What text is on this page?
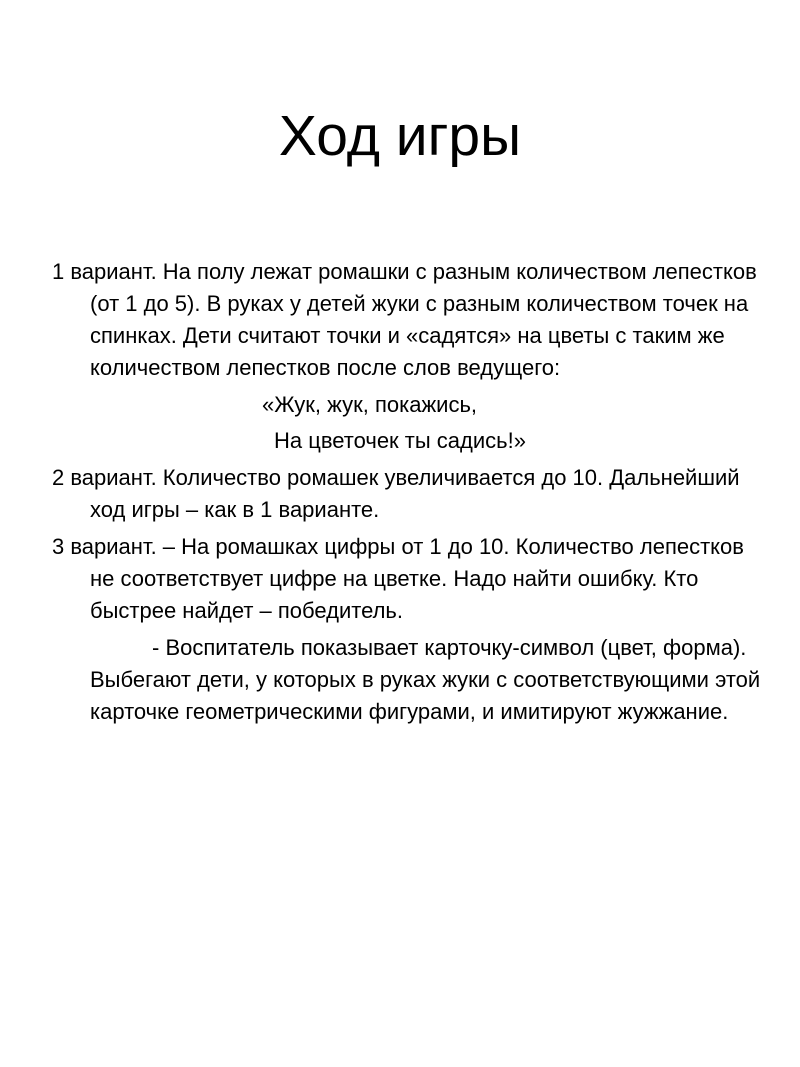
Ход игры

1 вариант. На полу лежат ромашки с разным количеством лепестков (от 1 до 5). В руках у детей жуки с разным количеством точек на спинках. Дети считают точки и «садятся» на цветы с таким же количеством лепестков после слов ведущего:

«Жук, жук, покажись,

На цветочек ты садись!»

2 вариант. Количество ромашек увеличивается до 10. Дальнейший ход игры – как в 1 варианте.

3 вариант. – На ромашках цифры от 1 до 10. Количество лепестков не соответствует цифре на цветке. Надо найти ошибку. Кто быстрее найдет – победитель.

- Воспитатель показывает карточку-символ (цвет, форма). Выбегают дети, у которых в руках жуки с соответствующими этой карточке геометрическими фигурами, и имитируют жужжание.
